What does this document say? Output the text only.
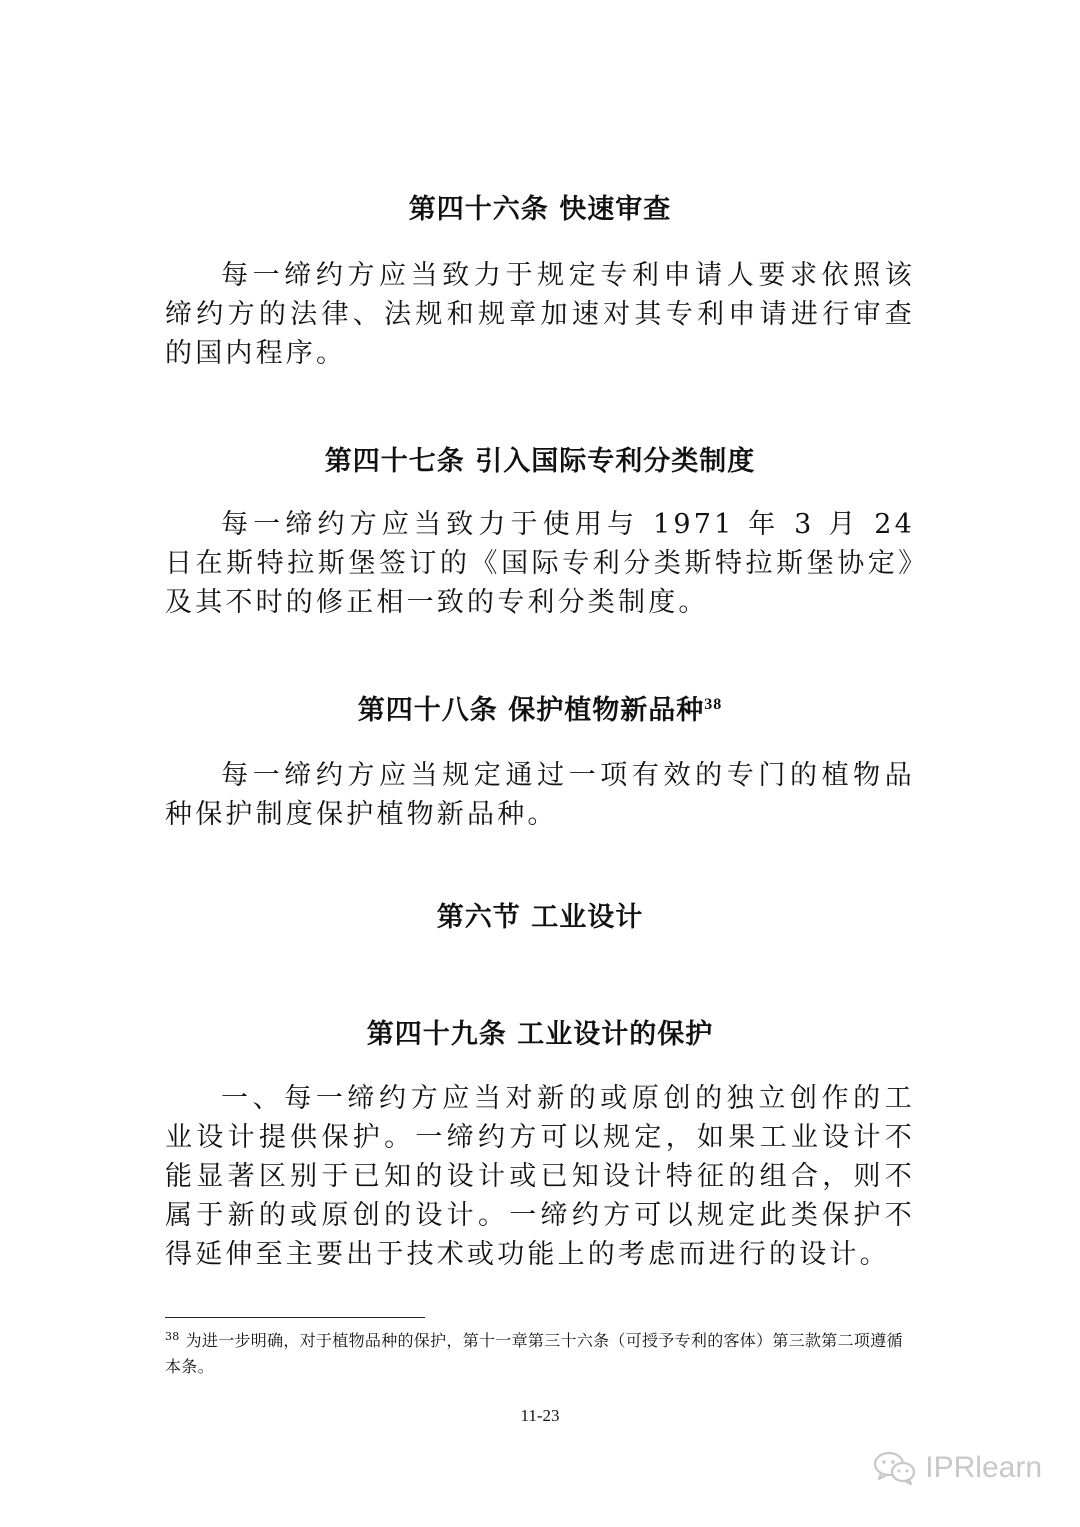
第四十六条 快速审查

每一缔约方应当致力于规定专利申请人要求依照该缔约方的法律、法规和规章加速对其专利申请进行审查的国内程序。

第四十七条 引入国际专利分类制度

每一缔约方应当致力于使用与 1971 年 3 月 24 日在斯特拉斯堡签订的《国际专利分类斯特拉斯堡协定》及其不时的修正相一致的专利分类制度。

第四十八条 保护植物新品种$^{38}$

每一缔约方应当规定通过一项有效的专门的植物品种保护制度保护植物新品种。

第六节 工业设计
第四十九条 工业设计的保护

一、每一缔约方应当对新的或原创的独立创作的工业设计提供保护。一缔约方可以规定，如果工业设计不能显著区别于已知的设计或已知设计特征的组合，则不属于新的或原创的设计。一缔约方可以规定此类保护不得延伸至主要出于技术或功能上的考虑而进行的设计。

$^{38}$ 为进一步明确，对于植物品种的保护，第十一章第三十六条（可授予专利的客体）第三款第二项遵循本条。

11-23
IPRlearn
